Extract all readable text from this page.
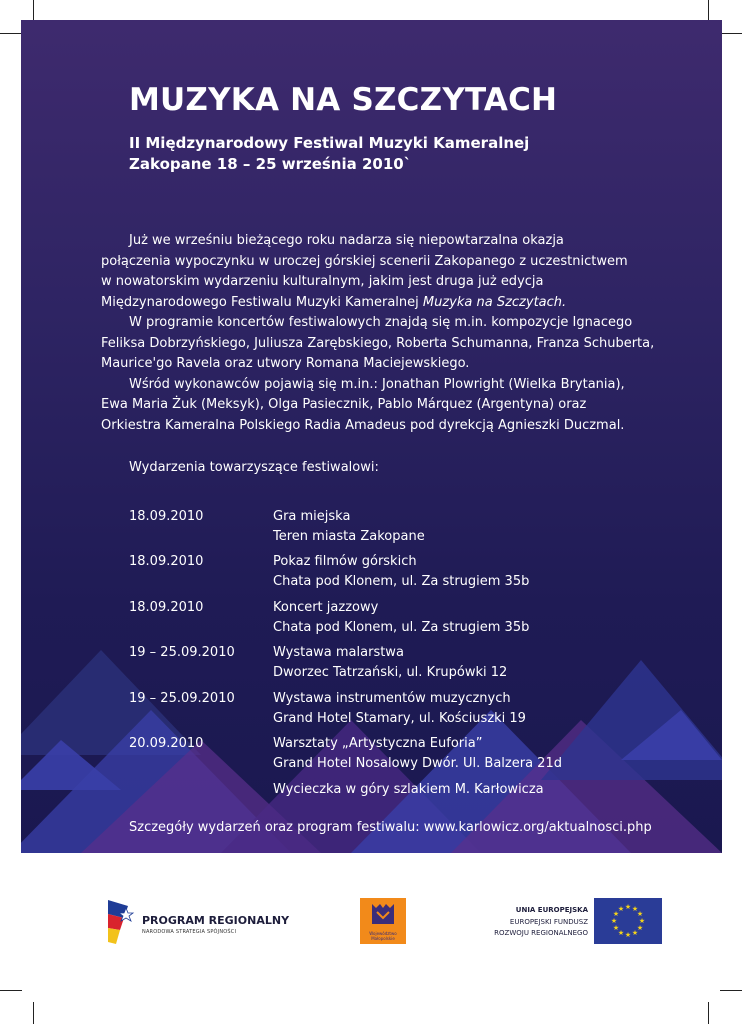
MUZYKA NA SZCZYTACH
II Międzynarodowy Festiwal Muzyki Kameralnej
Zakopane 18 – 25 września 2010`

Już we wrześniu bieżącego roku nadarza się niepowtarzalna okazja
połączenia wypoczynku w uroczej górskiej scenerii Zakopanego z uczestnictwem
w nowatorskim wydarzeniu kulturalnym, jakim jest druga już edycja
Międzynarodowego Festiwalu Muzyki Kameralnej Muzyka na Szczytach.

W programie koncertów festiwalowych znajdą się m.in. kompozycje Ignacego
Feliksa Dobrzyńskiego, Juliusza Zarębskiego, Roberta Schumanna, Franza Schuberta,
Maurice'go Ravela oraz utwory Romana Maciejewskiego.

Wśród wykonawców pojawią się m.in.: Jonathan Plowright (Wielka Brytania),
Ewa Maria Żuk (Meksyk), Olga Pasiecznik, Pablo Márquez (Argentyna) oraz
Orkiestra Kameralna Polskiego Radia Amadeus pod dyrekcją Agnieszki Duczmal.

Wydarzenia towarzyszące festiwalowi:

18.09.2010	Gra miejska
Teren miasta Zakopane
18.09.2010	Pokaz filmów górskich
Chata pod Klonem, ul. Za strugiem 35b
18.09.2010	Koncert jazzowy
Chata pod Klonem, ul. Za strugiem 35b
19 – 25.09.2010	Wystawa malarstwa
Dworzec Tatrzański, ul. Krupówki 12
19 – 25.09.2010	Wystawa instrumentów muzycznych
Grand Hotel Stamary, ul. Kościuszki 19
20.09.2010	Warsztaty „Artystyczna Euforia”
Grand Hotel Nosalowy Dwór. Ul. Balzera 21d
Wycieczka w góry szlakiem M. Karłowicza

Szczegóły wydarzeń oraz program festiwalu: www.karlowicz.org/aktualnosci.php

PROGRAM REGIONALNY
NARODOWA STRATEGIA SPÓJNOŚCI	Województwo Małopolskie
UNIA EUROPEJSKA
EUROPEJSKI FUNDUSZ
ROZWOJU REGIONALNEGO
★ ★
★
★
★
★
★
★
★
★
★
★
